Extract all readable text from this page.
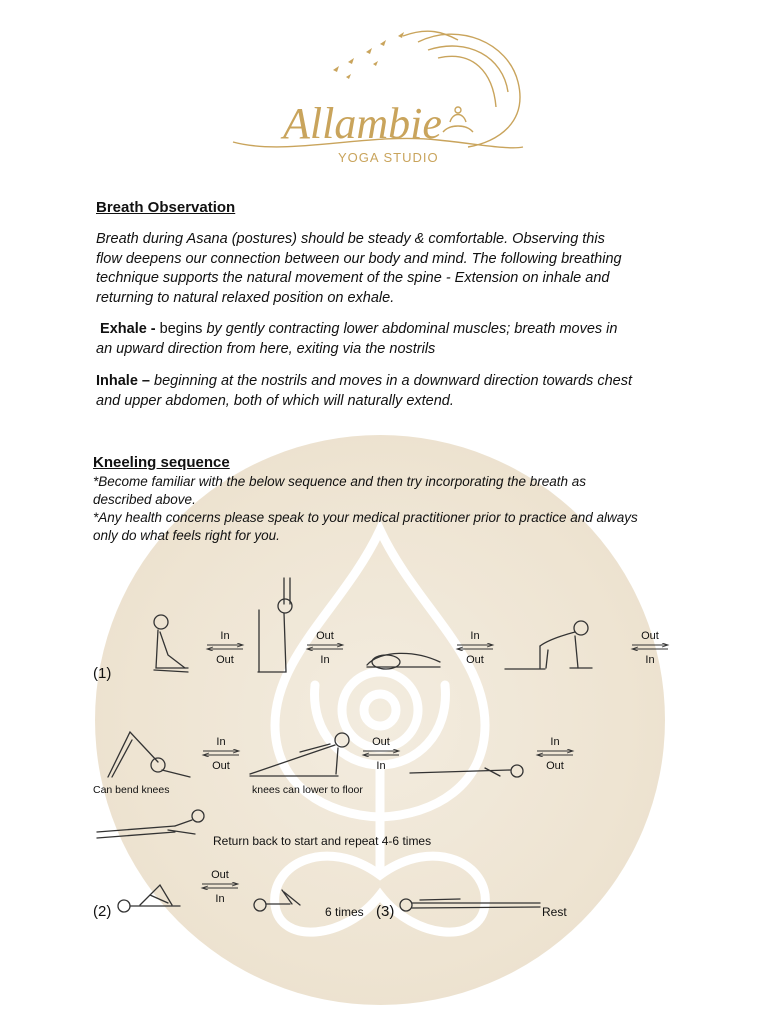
Allambie
YOGA STUDIO
Breath Observation
Breath during Asana (postures) should be steady & comfortable. Observing this
flow deepens our connection between our body and mind. The following breathing
technique supports the natural movement of the spine - Extension on inhale and
returning to natural relaxed position on exhale.
Exhale - begins by gently contracting lower abdominal muscles; breath moves in
an upward direction from here, exiting via the nostrils
Inhale – beginning at the nostrils and moves in a downward direction towards chest
and upper abdomen, both of which will naturally extend.
Kneeling sequence
*Become familiar with the below sequence and then try incorporating the breath as
described above.
*Any health concerns please speak to your medical practitioner prior to practice and always
only do what feels right for you.
In
Out
Out
In
In
Out
Out
In
(1)
In
Out
Out
In
In
Out
Can bend knees	knees can lower to floor
Return back to start and repeat 4-6 times
Out
In
(2)	6 times (3)	Rest
